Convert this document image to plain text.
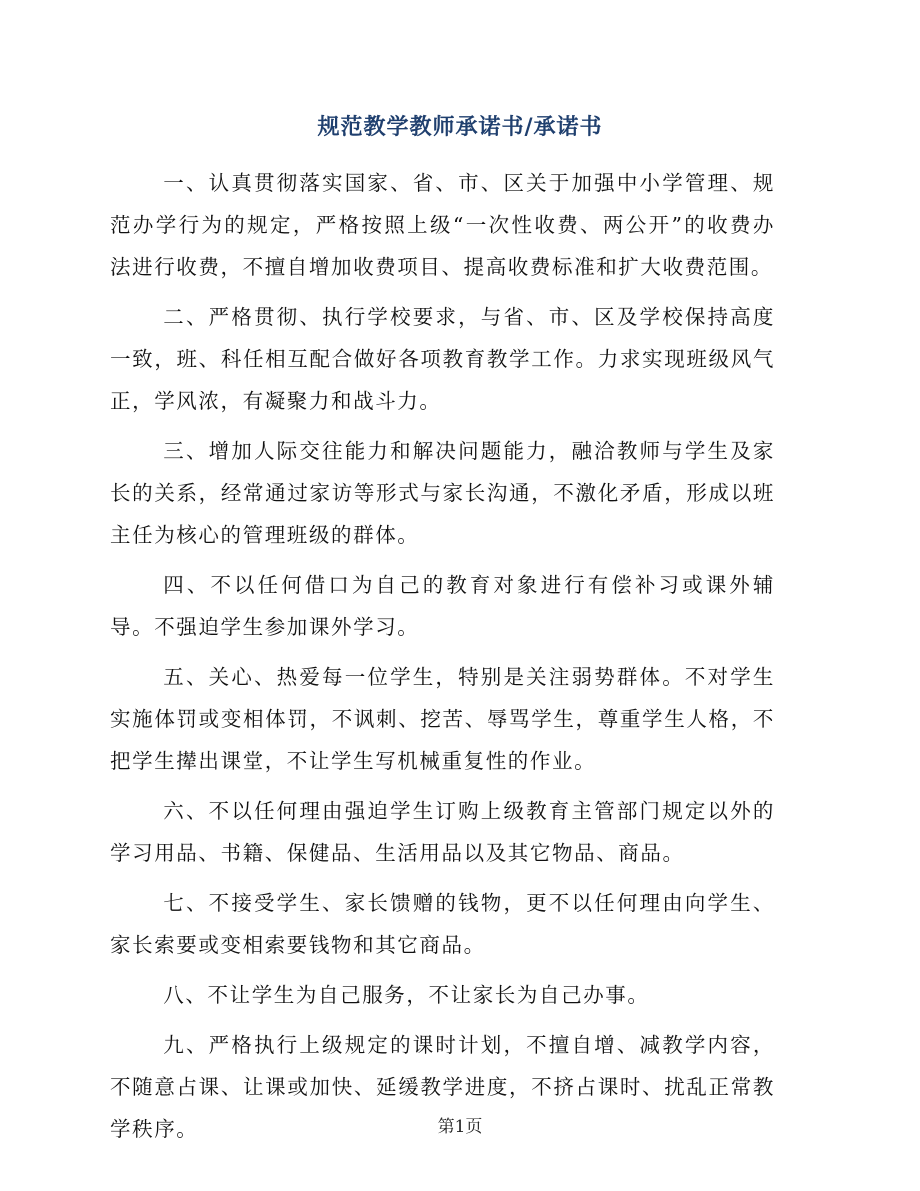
规范教学教师承诺书/承诺书

一、认真贯彻落实国家、省、市、区关于加强中小学管理、规范办学行为的规定，严格按照上级“一次性收费、两公开”的收费办法进行收费，不擅自增加收费项目、提高收费标准和扩大收费范围。

二、严格贯彻、执行学校要求，与省、市、区及学校保持高度一致，班、科任相互配合做好各项教育教学工作。力求实现班级风气正，学风浓，有凝聚力和战斗力。

三、增加人际交往能力和解决问题能力，融洽教师与学生及家长的关系，经常通过家访等形式与家长沟通，不激化矛盾，形成以班主任为核心的管理班级的群体。

四、不以任何借口为自己的教育对象进行有偿补习或课外辅导。不强迫学生参加课外学习。

五、关心、热爱每一位学生，特别是关注弱势群体。不对学生实施体罚或变相体罚，不讽刺、挖苦、辱骂学生，尊重学生人格，不把学生撵出课堂，不让学生写机械重复性的作业。

六、不以任何理由强迫学生订购上级教育主管部门规定以外的学习用品、书籍、保健品、生活用品以及其它物品、商品。

七、不接受学生、家长馈赠的钱物，更不以任何理由向学生、家长索要或变相索要钱物和其它商品。

八、不让学生为自己服务，不让家长为自己办事。

九、严格执行上级规定的课时计划，不擅自增、减教学内容，不随意占课、让课或加快、延缓教学进度，不挤占课时、扰乱正常教学秩序。	第1页
